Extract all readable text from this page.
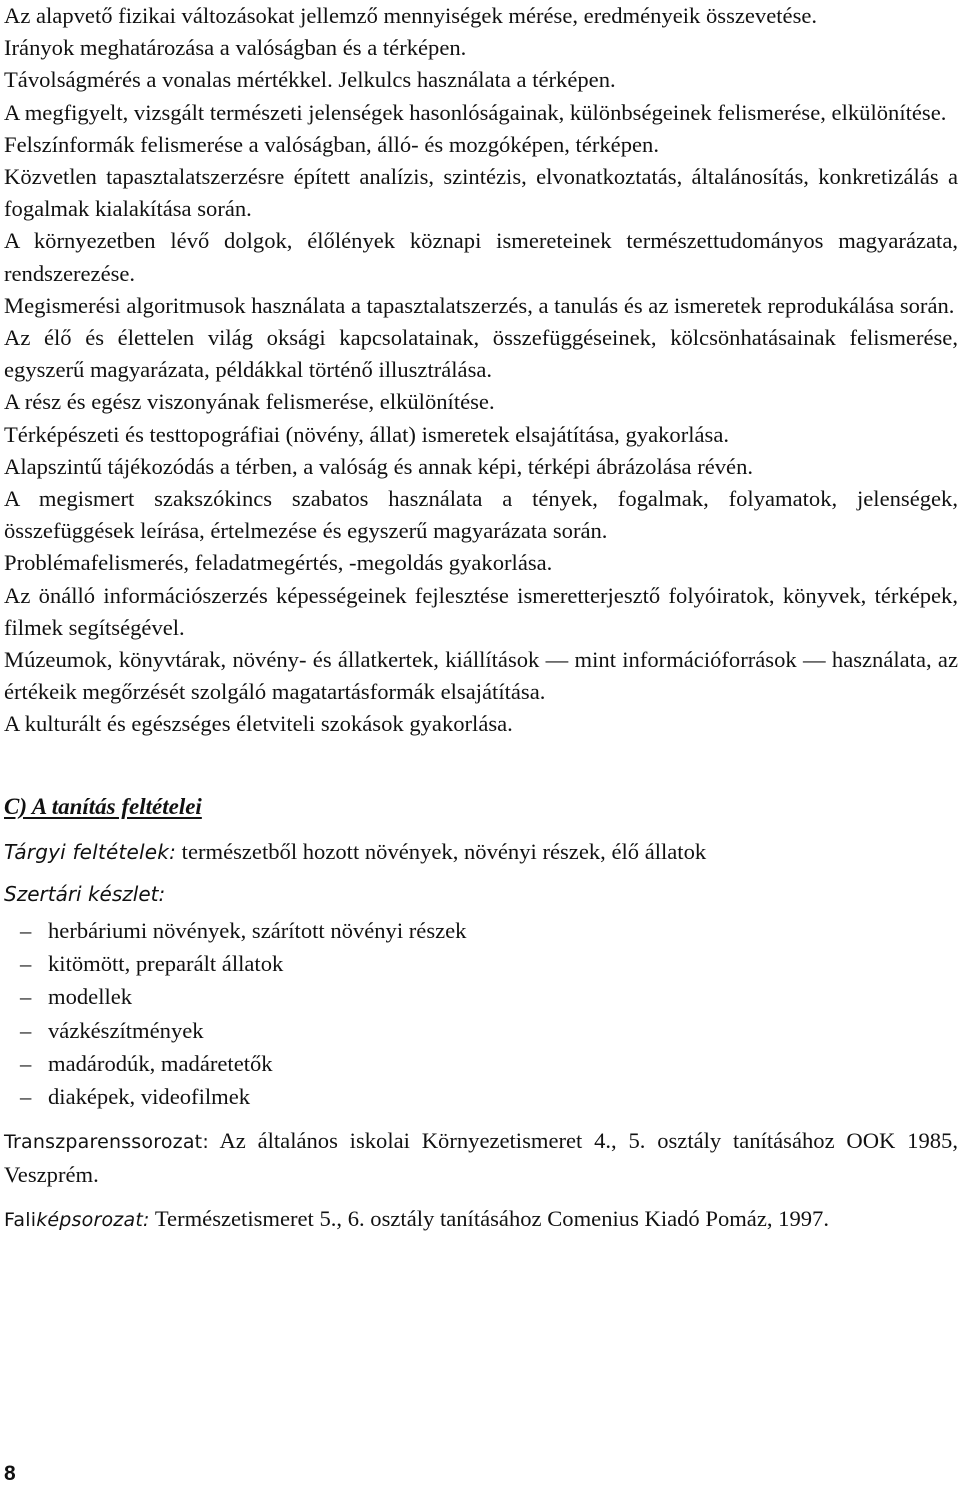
Az alapvető fizikai változásokat jellemző mennyiségek mérése, eredményeik összevetése.

Irányok meghatározása a valóságban és a térképen.

Távolságmérés a vonalas mértékkel. Jelkulcs használata a térképen.

A megfigyelt, vizsgált természeti jelenségek hasonlóságainak, különbségeinek felismerése, elkülönítése.

Felszínformák felismerése a valóságban, álló- és mozgóképen, térképen.

Közvetlen tapasztalatszerzésre épített analízis, szintézis, elvonatkoztatás, általánosítás, konkretizálás a fogalmak kialakítása során.

A környezetben lévő dolgok, élőlények köznapi ismereteinek természettudományos magyarázata, rendszerezése.

Megismerési algoritmusok használata a tapasztalatszerzés, a tanulás és az ismeretek reprodukálása során.

Az élő és élettelen világ oksági kapcsolatainak, összefüggéseinek, kölcsönhatásainak felismerése, egyszerű magyarázata, példákkal történő illusztrálása.

A rész és egész viszonyának felismerése, elkülönítése.

Térképészeti és testtopográfiai (növény, állat) ismeretek elsajátítása, gyakorlása.

Alapszintű tájékozódás a térben, a valóság és annak képi, térképi ábrázolása révén.

A megismert szakszókincs szabatos használata a tények, fogalmak, folyamatok, jelenségek, összefüggések leírása, értelmezése és egyszerű magyarázata során.

Problémafelismerés, feladatmegértés, -megoldás gyakorlása.

Az önálló információszerzés képességeinek fejlesztése ismeretterjesztő folyóiratok, könyvek, térképek, filmek segítségével.

Múzeumok, könyvtárak, növény- és állatkertek, kiállítások — mint információforrások — használata, az értékeik megőrzését szolgáló magatartásformák elsajátítása.

A kulturált és egészséges életviteli szokások gyakorlása.

C) A tanítás feltételei
Tárgyi feltételek: természetből hozott növények, növényi részek, élő állatok
Szertári készlet:
– herbáriumi növények, szárított növényi részek
– kitömött, preparált állatok
– modellek
– vázkészítmények
– madárodúk, madáretetők
– diaképek, videofilmek
Transzparenssorozat: Az általános iskolai Környezetismeret 4., 5. osztály tanításához OOK 1985, Veszprém.
Faliképsorozat: Természetismeret 5., 6. osztály tanításához Comenius Kiadó Pomáz, 1997.
8
